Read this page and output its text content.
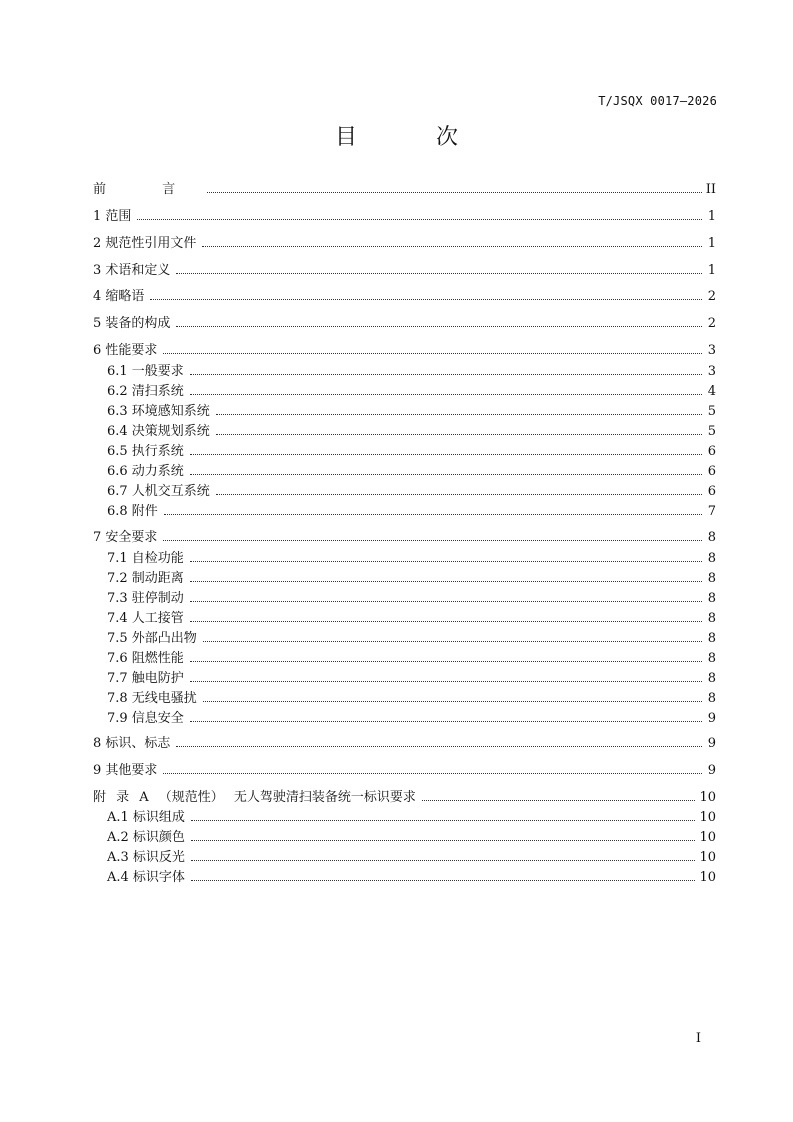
T/JSQX 0017—2026
目 次
前 言	II
1 范围	1
2 规范性引用文件	1
3 术语和定义	1
4 缩略语	2
5 装备的构成	2
6 性能要求	3
6.1 一般要求	3
6.2 清扫系统	4
6.3 环境感知系统	5
6.4 决策规划系统	5
6.5 执行系统	6
6.6 动力系统	6
6.7 人机交互系统	6
6.8 附件	7
7 安全要求	8
7.1 自检功能	8
7.2 制动距离	8
7.3 驻停制动	8
7.4 人工接管	8
7.5 外部凸出物	8
7.6 阻燃性能	8
7.7 触电防护	8
7.8 无线电骚扰	8
7.9 信息安全	9
8 标识、标志	9
9 其他要求	9
附 录 A （规范性） 无人驾驶清扫装备统一标识要求	10
A.1 标识组成	10
A.2 标识颜色	10
A.3 标识反光	10
A.4 标识字体	10
I
